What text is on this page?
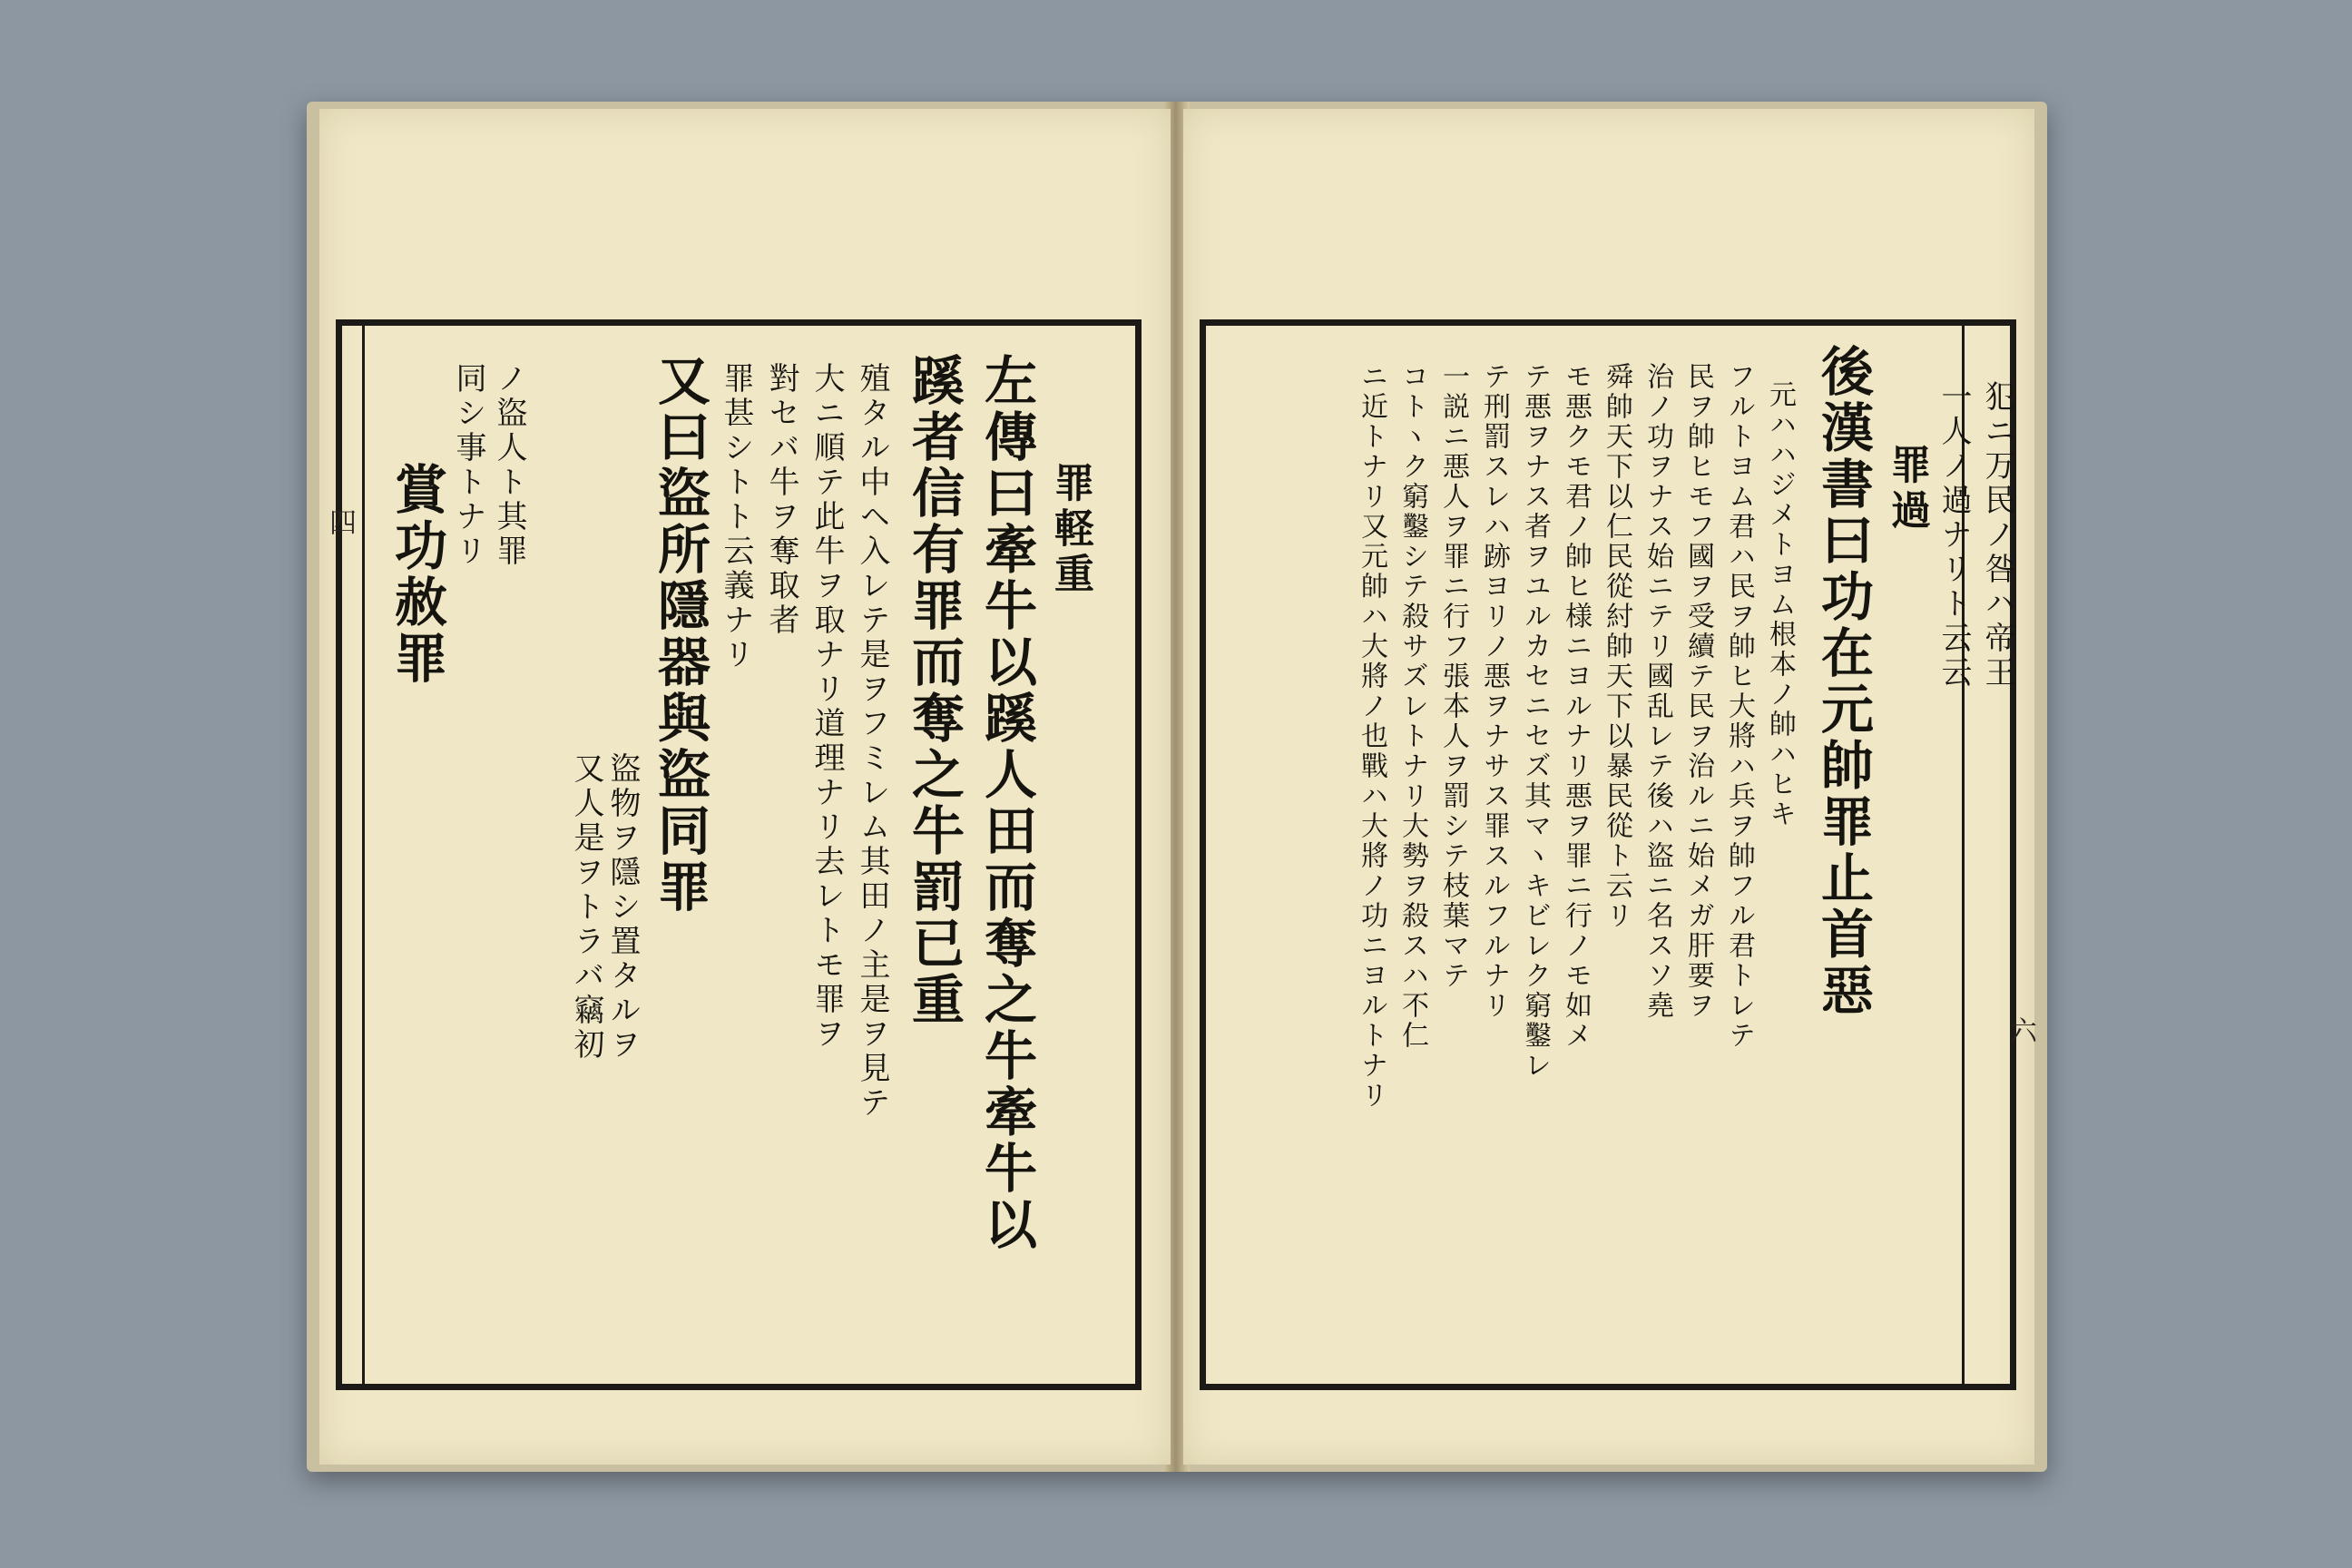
罪軽重
左傳曰牽牛以蹊人田而奪之牛牽牛以
蹊者信有罪而奪之牛罰已重
殖タル中ヘ入レテ是ヲフミレム其田ノ主是ヲ見テ
大ニ順テ此牛ヲ取ナリ道理ナリ去レトモ罪ヲ
對セバ牛ヲ奪取者
罪甚シトト云義ナリ
又曰盜所隱器與盜同罪
盜物ヲ隱シ置タルヲ
又人是ヲトラバ竊初
ノ盜人ト其罪
同シ事トナリ
賞功赦罪
四	犯ニ万民ノ咎ハ帝王
一人ノ過ナリト云云
罪過
後漢書曰功在元帥罪止首惡
元ハハジメトヨム根本ノ帥ハヒキ
フルトヨム君ハ民ヲ帥ヒ大將ハ兵ヲ帥フル君トレテ
民ヲ帥ヒモフ國ヲ受續テ民ヲ治ルニ始メガ肝要ヲ
治ノ功ヲナス始ニテリ國乱レテ後ハ盜ニ名スソ堯
舜帥天下以仁民從紂帥天下以暴民從ト云リ
モ悪クモ君ノ帥ヒ様ニヨルナリ悪ヲ罪ニ行ノモ如メ
テ悪ヲナス者ヲユルカセニセズ其マヽキビレク窮鑿レ
テ刑罰スレハ跡ヨリノ悪ヲナサス罪スルフルナリ
一説ニ悪人ヲ罪ニ行フ張本人ヲ罰シテ枝葉マテ
コトヽク窮鑿シテ殺サズレトナリ大勢ヲ殺スハ不仁
ニ近トナリ又元帥ハ大將ノ也戰ハ大將ノ功ニヨルトナリ	六
